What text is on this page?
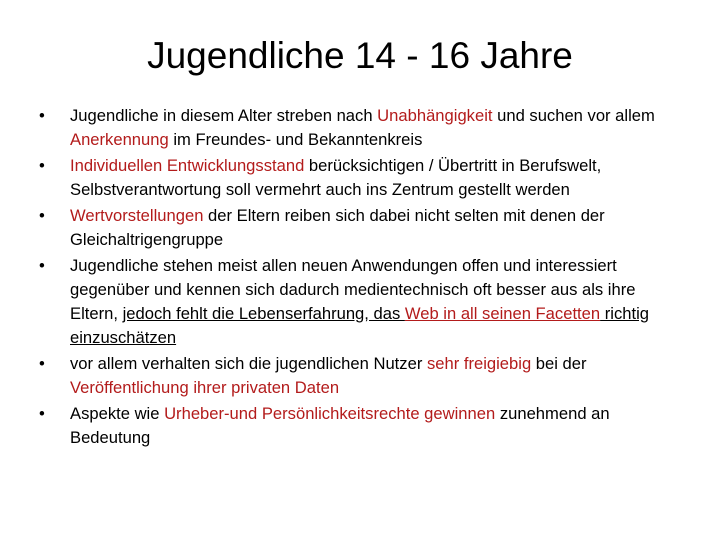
Jugendliche 14 - 16 Jahre
• Jugendliche in diesem Alter streben nach Unabhängigkeit und suchen vor allem Anerkennung im Freundes- und Bekanntenkreis
• Individuellen Entwicklungsstand berücksichtigen / Übertritt in Berufswelt, Selbstverantwortung soll vermehrt auch ins Zentrum gestellt werden
• Wertvorstellungen der Eltern reiben sich dabei nicht selten mit denen der Gleichaltrigengruppe
• Jugendliche stehen meist allen neuen Anwendungen offen und interessiert gegenüber und kennen sich dadurch medientechnisch oft besser aus als ihre Eltern, jedoch fehlt die Lebenserfahrung, das Web in all seinen Facetten richtig einzuschätzen
• vor allem verhalten sich die jugendlichen Nutzer sehr freigiebig bei der Veröffentlichung ihrer privaten Daten
• Aspekte wie Urheber-und Persönlichkeitsrechte gewinnen zunehmend an Bedeutung
